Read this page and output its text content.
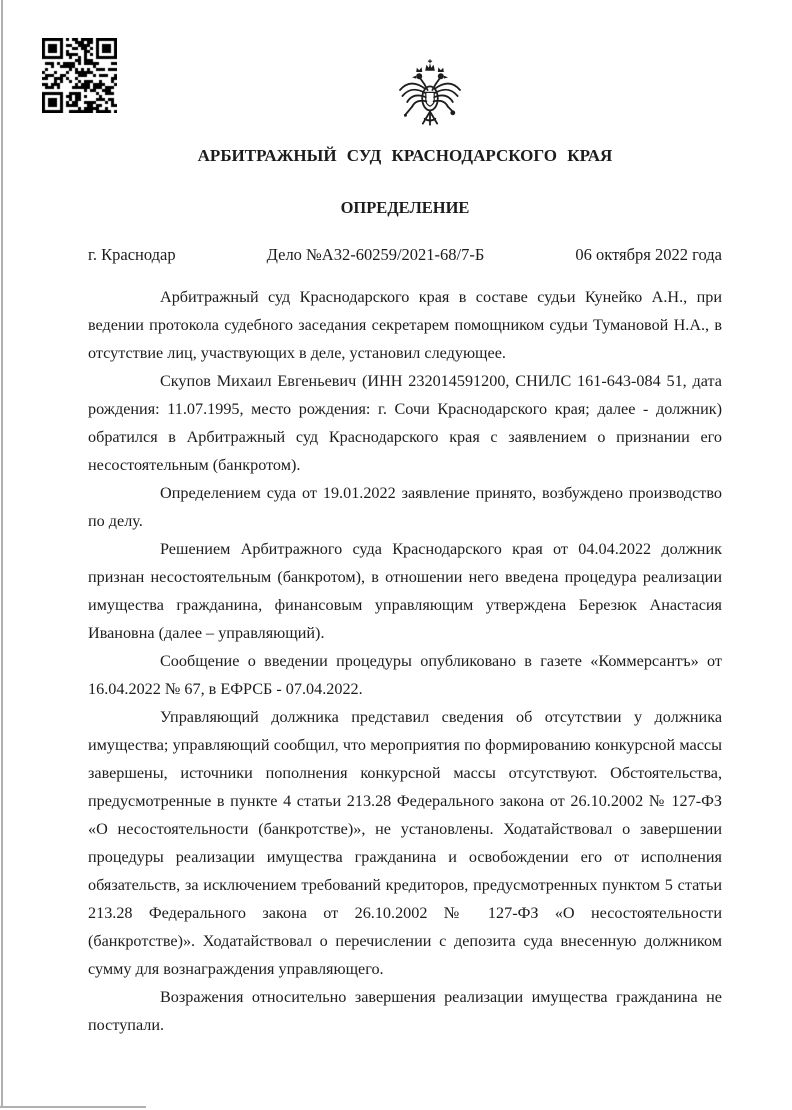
АРБИТРАЖНЫЙ СУД КРАСНОДАРСКОГО КРАЯ
ОПРЕДЕЛЕНИЕ
г. Краснодар	Дело №А32-60259/2021-68/7-Б	06 октября 2022 года

Арбитражный суд Краснодарского края в составе судьи Кунейко А.Н., при ведении протокола судебного заседания секретарем помощником судьи Тумановой Н.А., в отсутствие лиц, участвующих в деле, установил следующее.

Скупов Михаил Евгеньевич (ИНН 232014591200, СНИЛС 161-643-084 51, дата рождения: 11.07.1995, место рождения: г. Сочи Краснодарского края; далее - должник) обратился в Арбитражный суд Краснодарского края с заявлением о признании его несостоятельным (банкротом).

Определением суда от 19.01.2022 заявление принято, возбуждено производство по делу.

Решением Арбитражного суда Краснодарского края от 04.04.2022 должник признан несостоятельным (банкротом), в отношении него введена процедура реализации имущества гражданина, финансовым управляющим утверждена Березюк Анастасия Ивановна (далее – управляющий).

Сообщение о введении процедуры опубликовано в газете «Коммерсантъ» от 16.04.2022 № 67, в ЕФРСБ - 07.04.2022.

Управляющий должника представил сведения об отсутствии у должника имущества; управляющий сообщил, что мероприятия по формированию конкурсной массы завершены, источники пополнения конкурсной массы отсутствуют. Обстоятельства, предусмотренные в пункте 4 статьи 213.28 Федерального закона от 26.10.2002 № 127-ФЗ «О несостоятельности (банкротстве)», не установлены. Ходатайствовал о завершении процедуры реализации имущества гражданина и освобождении его от исполнения обязательств, за исключением требований кредиторов, предусмотренных пунктом 5 статьи 213.28 Федерального закона от 26.10.2002 № 127-ФЗ «О несостоятельности (банкротстве)». Ходатайствовал о перечислении с депозита суда внесенную должником сумму для вознаграждения управляющего.

Возражения относительно завершения реализации имущества гражданина не поступали.
